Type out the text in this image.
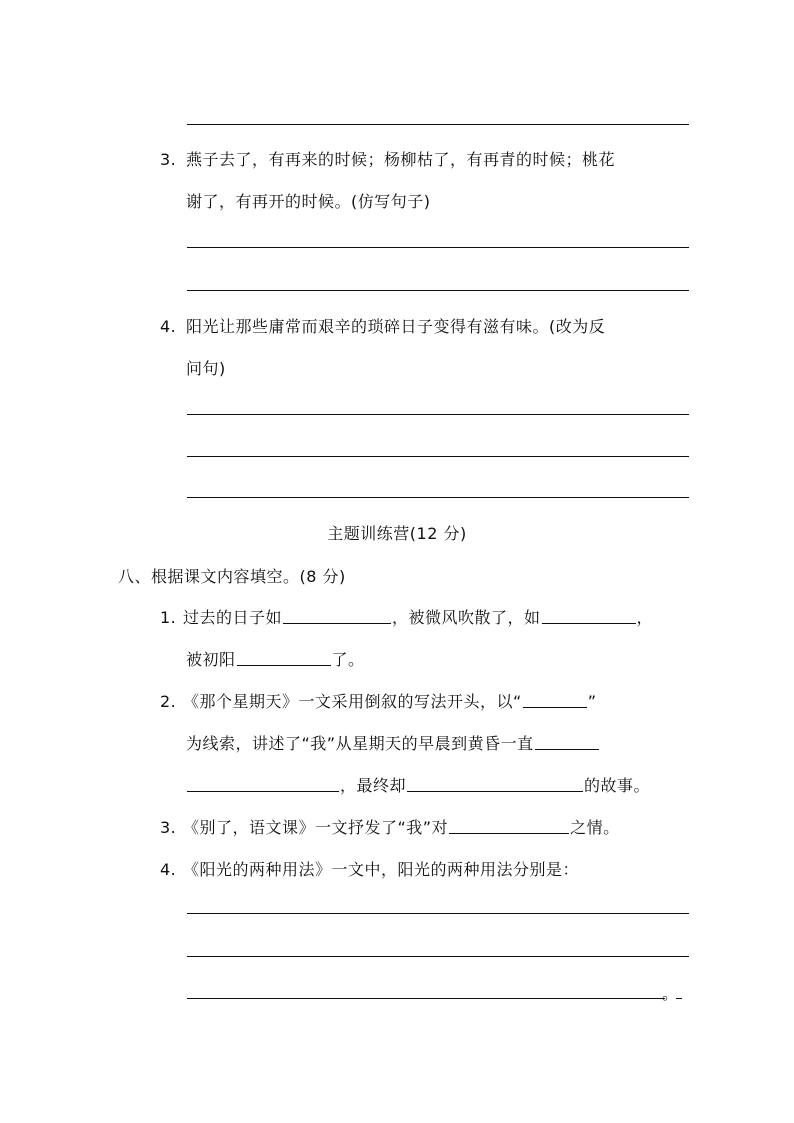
3. 燕子去了，有再来的时候；杨柳枯了，有再青的时候；桃花
谢了，有再开的时候。(仿写句子)
4. 阳光让那些庸常而艰辛的琐碎日子变得有滋有味。(改为反
问句)
主题训练营(12 分)
八、根据课文内容填空。(8 分)
1. 过去的日子如	，被微风吹散了，如	，
被初阳	了。
2. 《那个星期天》一文采用倒叙的写法开头，以“	”
为线索，讲述了“我”从星期天的早晨到黄昏一直
，最终却	的故事。
3. 《别了，语文课》一文抒发了“我”对	之情。
4. 《阳光的两种用法》一文中，阳光的两种用法分别是：
。
